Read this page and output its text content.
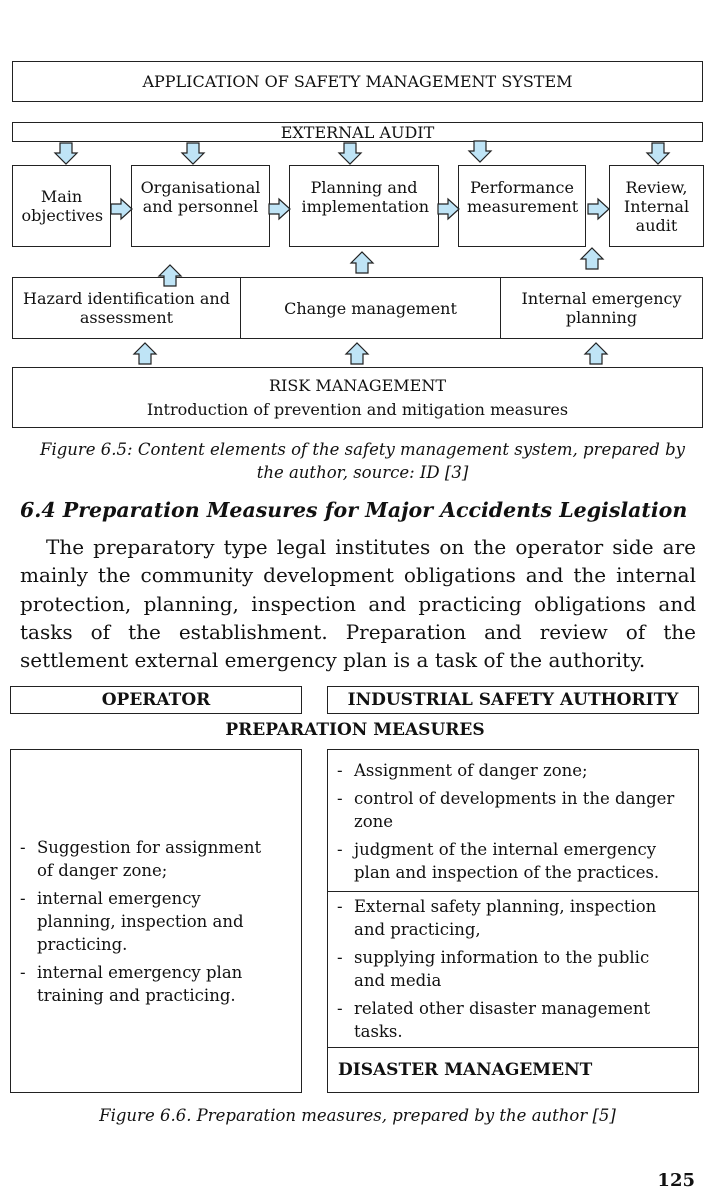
APPLICATION OF SAFETY MANAGEMENT SYSTEM
EXTERNAL AUDIT
Main objectives
Organisational and personnel
Planning and implementation
Performance measurement
Review, Internal audit
Hazard identification and assessment	Change management	Internal emergency planning
RISK MANAGEMENT
Introduction of prevention and mitigation measures
Figure 6.5: Content elements of the safety management system, prepared by the author, source: ID [3]
6.4 Preparation Measures for Major Accidents Legislation
The preparatory type legal institutes on the operator side are mainly the community development obligations and the internal protection, planning, inspection and practicing obligations and tasks of the establishment. Preparation and review of the settlement external emergency plan is a task of the authority.
OPERATOR	INDUSTRIAL SAFETY AUTHORITY
PREPARATION MEASURES
- Suggestion for assignment of danger zone;
- internal emergency planning, inspection and practicing.
- internal emergency plan training and practicing.
- Assignment of danger zone;
- control of developments in the danger zone
- judgment of the internal emergency plan and inspection of the practices.
- External safety planning, inspection and practicing,
- supplying information to the public and media
- related other disaster management tasks.
DISASTER MANAGEMENT
Figure 6.6. Preparation measures, prepared by the author [5]
125
